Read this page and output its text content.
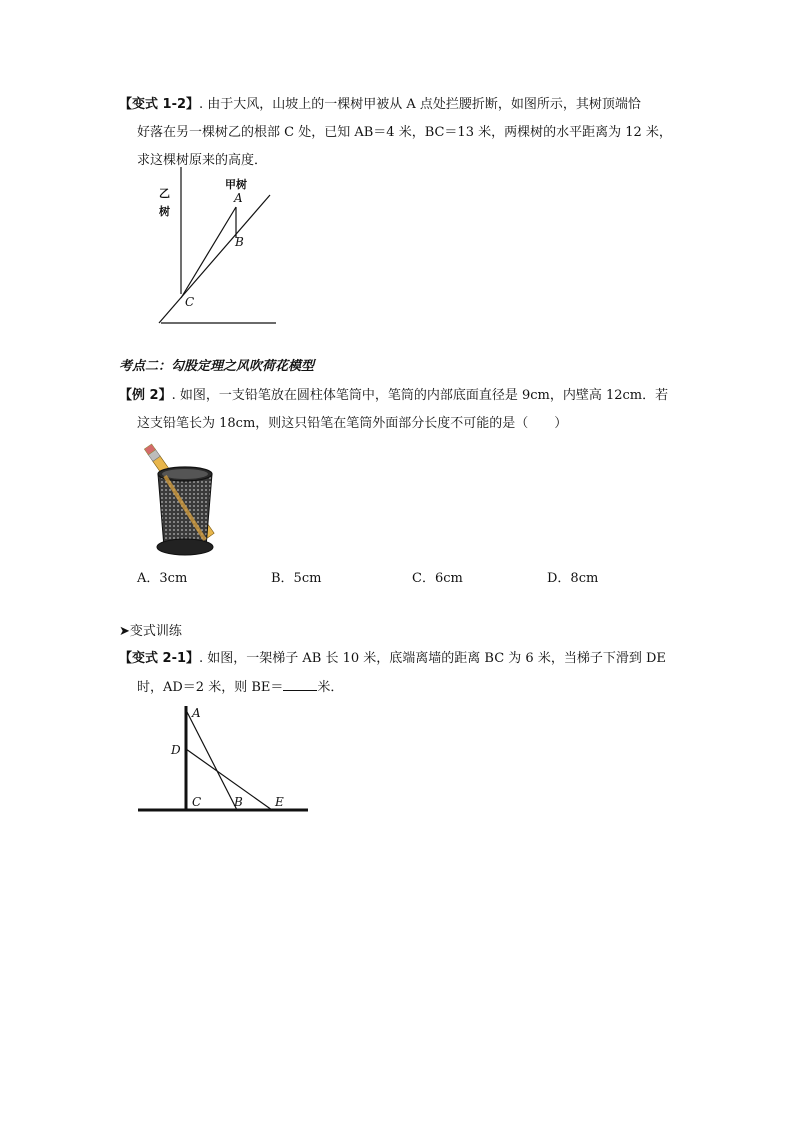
【变式 1-2】. 由于大风，山坡上的一棵树甲被从 A 点处拦腰折断，如图所示，其树顶端恰
好落在另一棵树乙的根部 C 处，已知 AB＝4 米，BC＝13 米，两棵树的水平距离为 12 米，
求这棵树原来的高度．
乙
树
甲树
A
B
C
考点二：勾股定理之风吹荷花模型
【例 2】. 如图，一支铅笔放在圆柱体笔筒中，笔筒的内部底面直径是 9cm，内壁高 12cm．若
这支铅笔长为 18cm，则这只铅笔在笔筒外面部分长度不可能的是（　　）
A．3cm	B．5cm	C．6cm	D．8cm
➤变式训练
【变式 2-1】. 如图，一架梯子 AB 长 10 米，底端离墙的距离 BC 为 6 米，当梯子下滑到 DE
时，AD＝2 米，则 BE＝	米．
A
D
C	B	E
